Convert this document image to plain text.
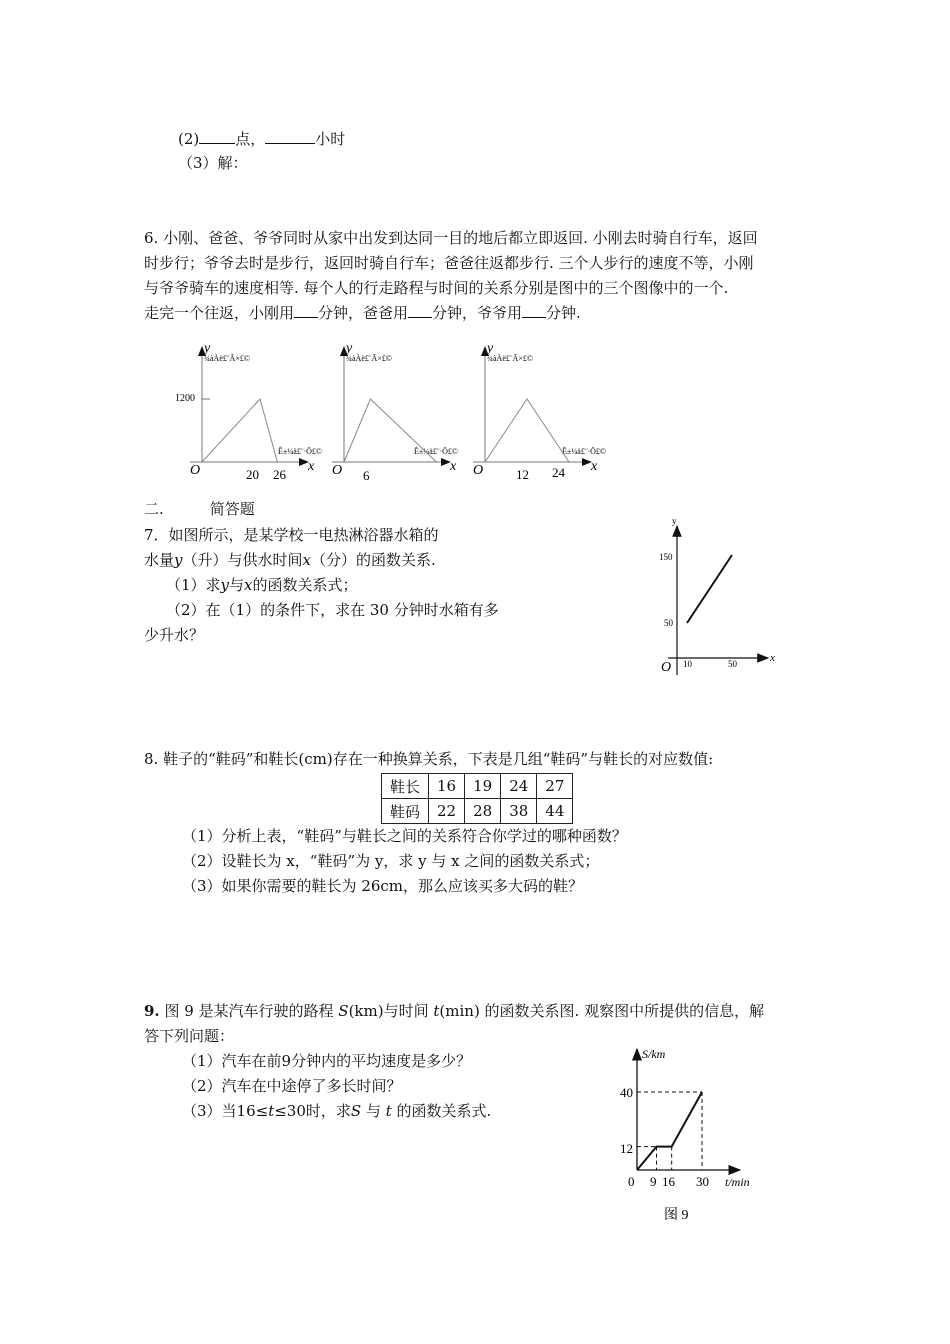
(2) 点，	小时
（3）解：
6. 小刚、爸爸、爷爷同时从家中出发到达同一目的地后都立即返回. 小刚去时骑自行车，返回
时步行；爷爷去时是步行，返回时骑自行车；爸爸往返都步行. 三个人步行的速度不等，小刚
与爷爷骑车的速度相等. 每个人的行走路程与时间的关系分别是图中的三个图像中的一个.
走完一个往返，小刚用 分钟，爸爸用 分钟，爷爷用 分钟.
y
¾àÀë£¨Ã×£©
1200
Ê±¼ä£¨·Ö£©
x
O	20 26
y
¾àÀë£¨Ã×£©
Ê±¼ä£¨·Ö£©
x
O 6
y
¾àÀë£¨Ã×£©
Ê±¼ä£¨·Ö£©
x
O	12 24
二.	简答题
7．如图所示，是某学校一电热淋浴器水箱的
水量y（升）与供水时间x（分）的函数关系.
（1）求y与x的函数关系式；
（2）在（1）的条件下，求在 30 分钟时水箱有多
少升水？
y
x
O
150
50
10	50
8. 鞋子的“鞋码”和鞋长(cm)存在一种换算关系，下表是几组“鞋码”与鞋长的对应数值:
鞋长	16	19	24	27
鞋码	22	28	38	44
（1）分析上表，“鞋码”与鞋长之间的关系符合你学过的哪种函数？
（2）设鞋长为 x，“鞋码”为 y，求 y 与 x 之间的函数关系式；
（3）如果你需要的鞋长为 26cm，那么应该买多大码的鞋？
9. 图 9 是某汽车行驶的路程 S(km)与时间 t(min) 的函数关系图. 观察图中所提供的信息，解
答下列问题：
（1）汽车在前9分钟内的平均速度是多少？
（2）汽车在中途停了多长时间？
（3）当16≤t≤30时，求S 与 t 的函数关系式.
S/km
t/min
40
12
0 9 16 30
图 9
